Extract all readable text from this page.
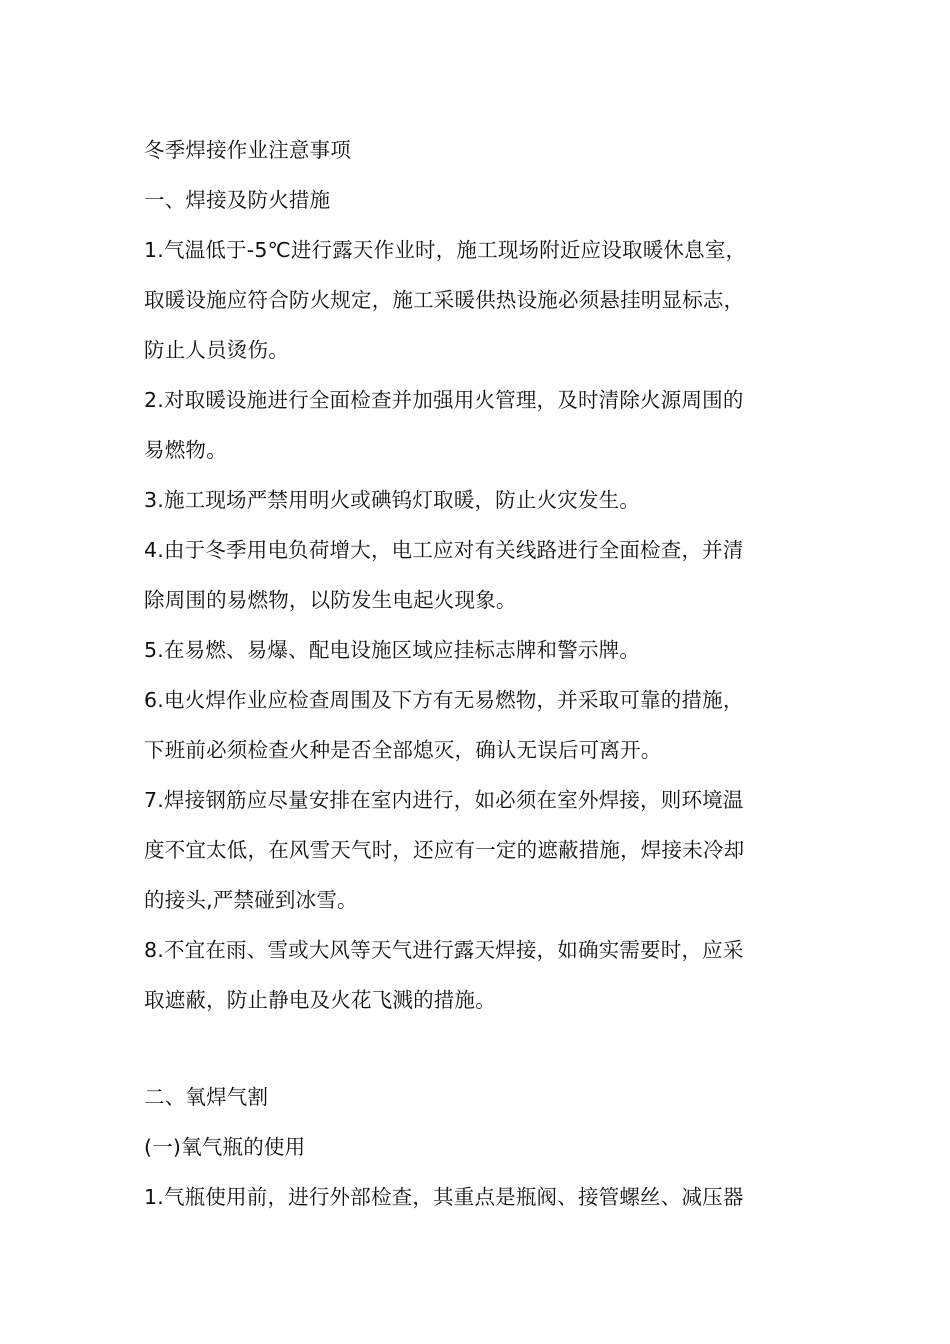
冬季焊接作业注意事项
一、焊接及防火措施
1.气温低于-5℃进行露天作业时，施工现场附近应设取暖休息室，
取暖设施应符合防火规定，施工采暖供热设施必须悬挂明显标志，
防止人员烫伤。
2.对取暖设施进行全面检查并加强用火管理，及时清除火源周围的
易燃物。
3.施工现场严禁用明火或碘钨灯取暖，防止火灾发生。
4.由于冬季用电负荷增大，电工应对有关线路进行全面检查，并清
除周围的易燃物，以防发生电起火现象。
5.在易燃、易爆、配电设施区域应挂标志牌和警示牌。
6.电火焊作业应检查周围及下方有无易燃物，并采取可靠的措施，
下班前必须检查火种是否全部熄灭，确认无误后可离开。
7.焊接钢筋应尽量安排在室内进行，如必须在室外焊接，则环境温
度不宜太低，在风雪天气时，还应有一定的遮蔽措施，焊接未冷却
的接头,严禁碰到冰雪。
8.不宜在雨、雪或大风等天气进行露天焊接，如确实需要时，应采
取遮蔽，防止静电及火花飞溅的措施。
二、氧焊气割
(一)氧气瓶的使用
1.气瓶使用前，进行外部检查，其重点是瓶阀、接管螺丝、减压器
